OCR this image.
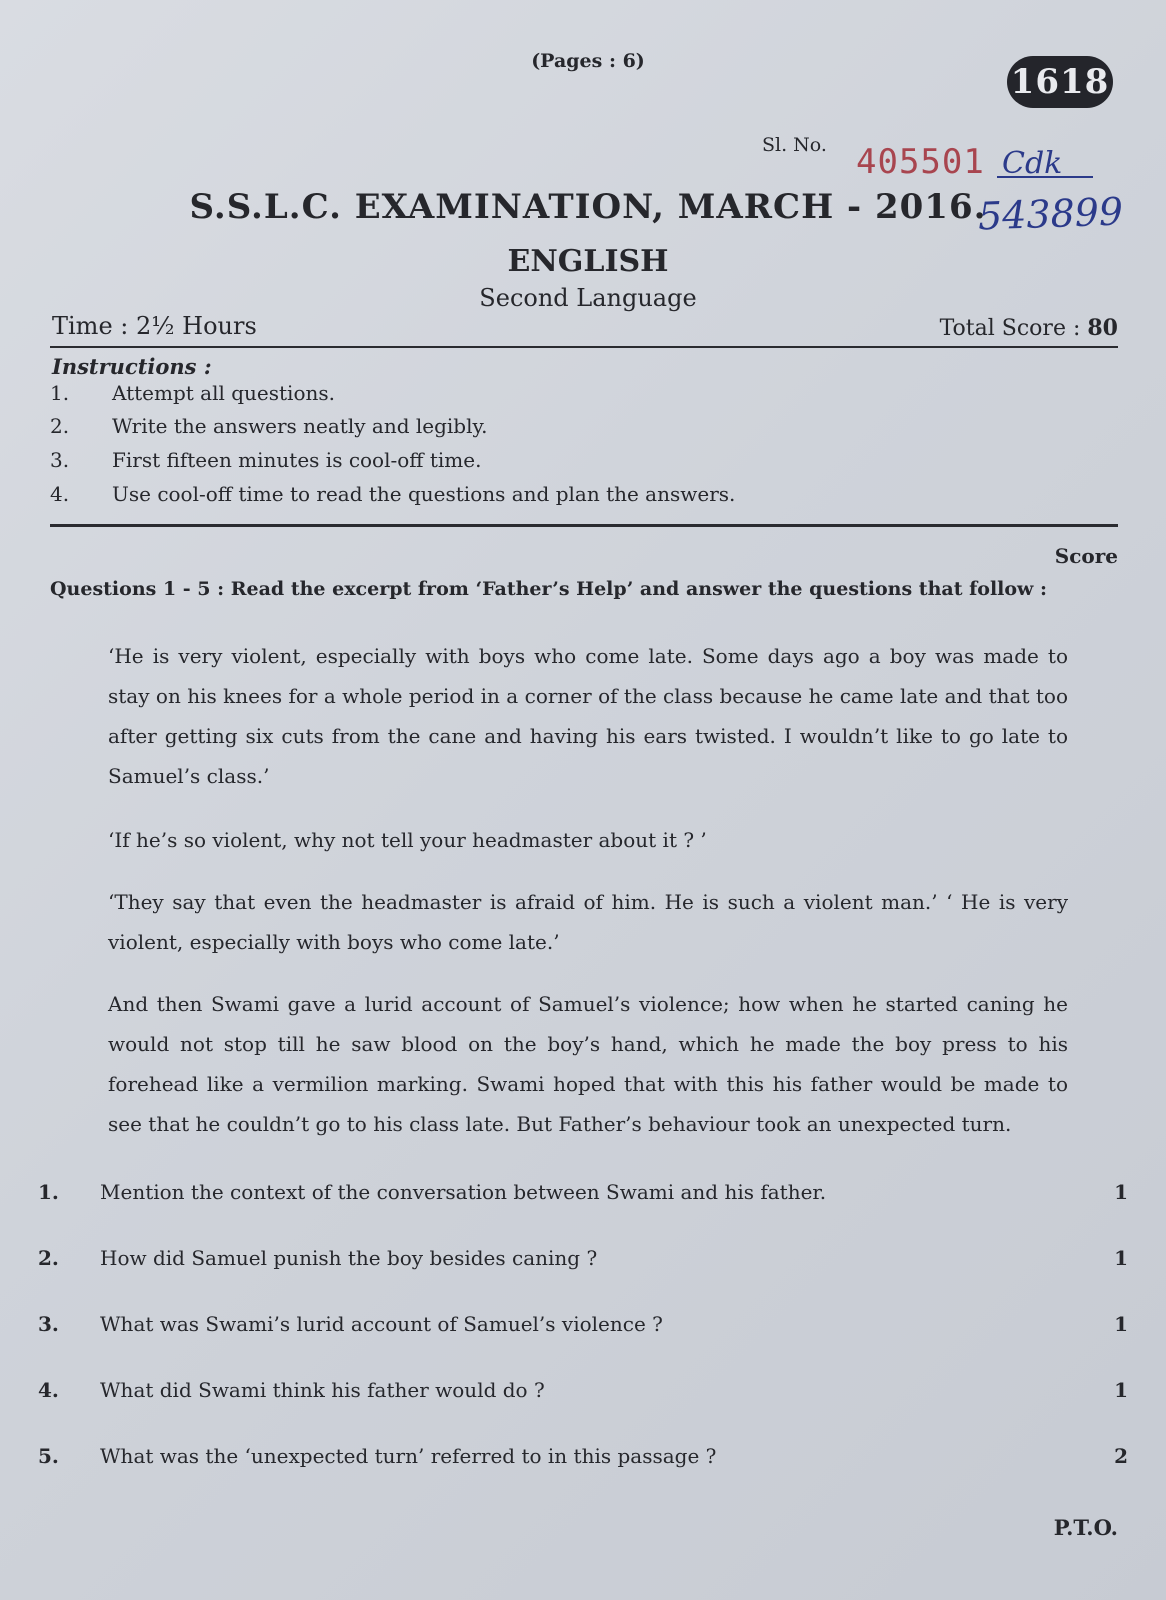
(Pages : 6)
1618
Sl. No. 405501 Cdk
543899
S.S.L.C. EXAMINATION, MARCH - 2016.
ENGLISH
Second Language
Time : 2½ Hours	Total Score : 80
Instructions :
1. Attempt all questions.
2. Write the answers neatly and legibly.
3. First fifteen minutes is cool-off time.
4. Use cool-off time to read the questions and plan the answers.
Score
Questions 1 - 5 : Read the excerpt from ‘Father’s Help’ and answer the questions that follow :
‘He is very violent, especially with boys who come late. Some days ago a boy was made to stay on his knees for a whole period in a corner of the class because he came late and that too after getting six cuts from the cane and having his ears twisted. I wouldn’t like to go late to Samuel’s class.’
‘If he’s so violent, why not tell your headmaster about it ? ’
‘They say that even the headmaster is afraid of him. He is such a violent man.’ ‘ He is very violent, especially with boys who come late.’
And then Swami gave a lurid account of Samuel’s violence; how when he started caning he would not stop till he saw blood on the boy’s hand, which he made the boy press to his forehead like a vermilion marking. Swami hoped that with this his father would be made to see that he couldn’t go to his class late. But Father’s behaviour took an unexpected turn.
1.	Mention the context of the conversation between Swami and his father.	1
2.	How did Samuel punish the boy besides caning ?	1
3.	What was Swami’s lurid account of Samuel’s violence ?	1
4.	What did Swami think his father would do ?	1
5.	What was the ‘unexpected turn’ referred to in this passage ?	2
P.T.O.
